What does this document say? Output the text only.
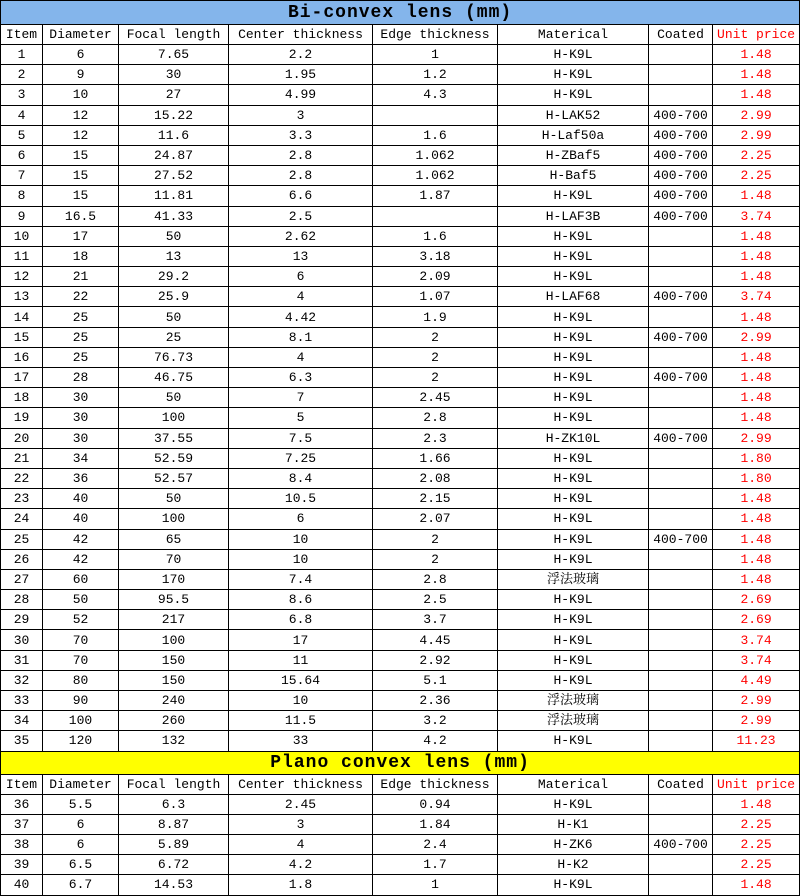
Bi-convex lens (mm)							
Item	Diameter	Focal length	Center thickness	Edge thickness	Materical	Coated	Unit price
1	6	7.65	2.2	1	H-K9L		1.48
2	9	30	1.95	1.2	H-K9L		1.48
3	10	27	4.99	4.3	H-K9L		1.48
4	12	15.22	3		H-LAK52	400-700	2.99
5	12	11.6	3.3	1.6	H-Laf50a	400-700	2.99
6	15	24.87	2.8	1.062	H-ZBaf5	400-700	2.25
7	15	27.52	2.8	1.062	H-Baf5	400-700	2.25
8	15	11.81	6.6	1.87	H-K9L	400-700	1.48
9	16.5	41.33	2.5		H-LAF3B	400-700	3.74
10	17	50	2.62	1.6	H-K9L		1.48
11	18	13	13	3.18	H-K9L		1.48
12	21	29.2	6	2.09	H-K9L		1.48
13	22	25.9	4	1.07	H-LAF68	400-700	3.74
14	25	50	4.42	1.9	H-K9L		1.48
15	25	25	8.1	2	H-K9L	400-700	2.99
16	25	76.73	4	2	H-K9L		1.48
17	28	46.75	6.3	2	H-K9L	400-700	1.48
18	30	50	7	2.45	H-K9L		1.48
19	30	100	5	2.8	H-K9L		1.48
20	30	37.55	7.5	2.3	H-ZK10L	400-700	2.99
21	34	52.59	7.25	1.66	H-K9L		1.80
22	36	52.57	8.4	2.08	H-K9L		1.80
23	40	50	10.5	2.15	H-K9L		1.48
24	40	100	6	2.07	H-K9L		1.48
25	42	65	10	2	H-K9L	400-700	1.48
26	42	70	10	2	H-K9L		1.48
27	60	170	7.4	2.8	浮法玻璃		1.48
28	50	95.5	8.6	2.5	H-K9L		2.69
29	52	217	6.8	3.7	H-K9L		2.69
30	70	100	17	4.45	H-K9L		3.74
31	70	150	11	2.92	H-K9L		3.74
32	80	150	15.64	5.1	H-K9L		4.49
33	90	240	10	2.36	浮法玻璃		2.99
34	100	260	11.5	3.2	浮法玻璃		2.99
35	120	132	33	4.2	H-K9L		11.23
Plano convex lens (mm)							
Item	Diameter	Focal length	Center thickness	Edge thickness	Materical	Coated	Unit price
36	5.5	6.3	2.45	0.94	H-K9L		1.48
37	6	8.87	3	1.84	H-K1		2.25
38	6	5.89	4	2.4	H-ZK6	400-700	2.25
39	6.5	6.72	4.2	1.7	H-K2		2.25
40	6.7	14.53	1.8	1	H-K9L		1.48
